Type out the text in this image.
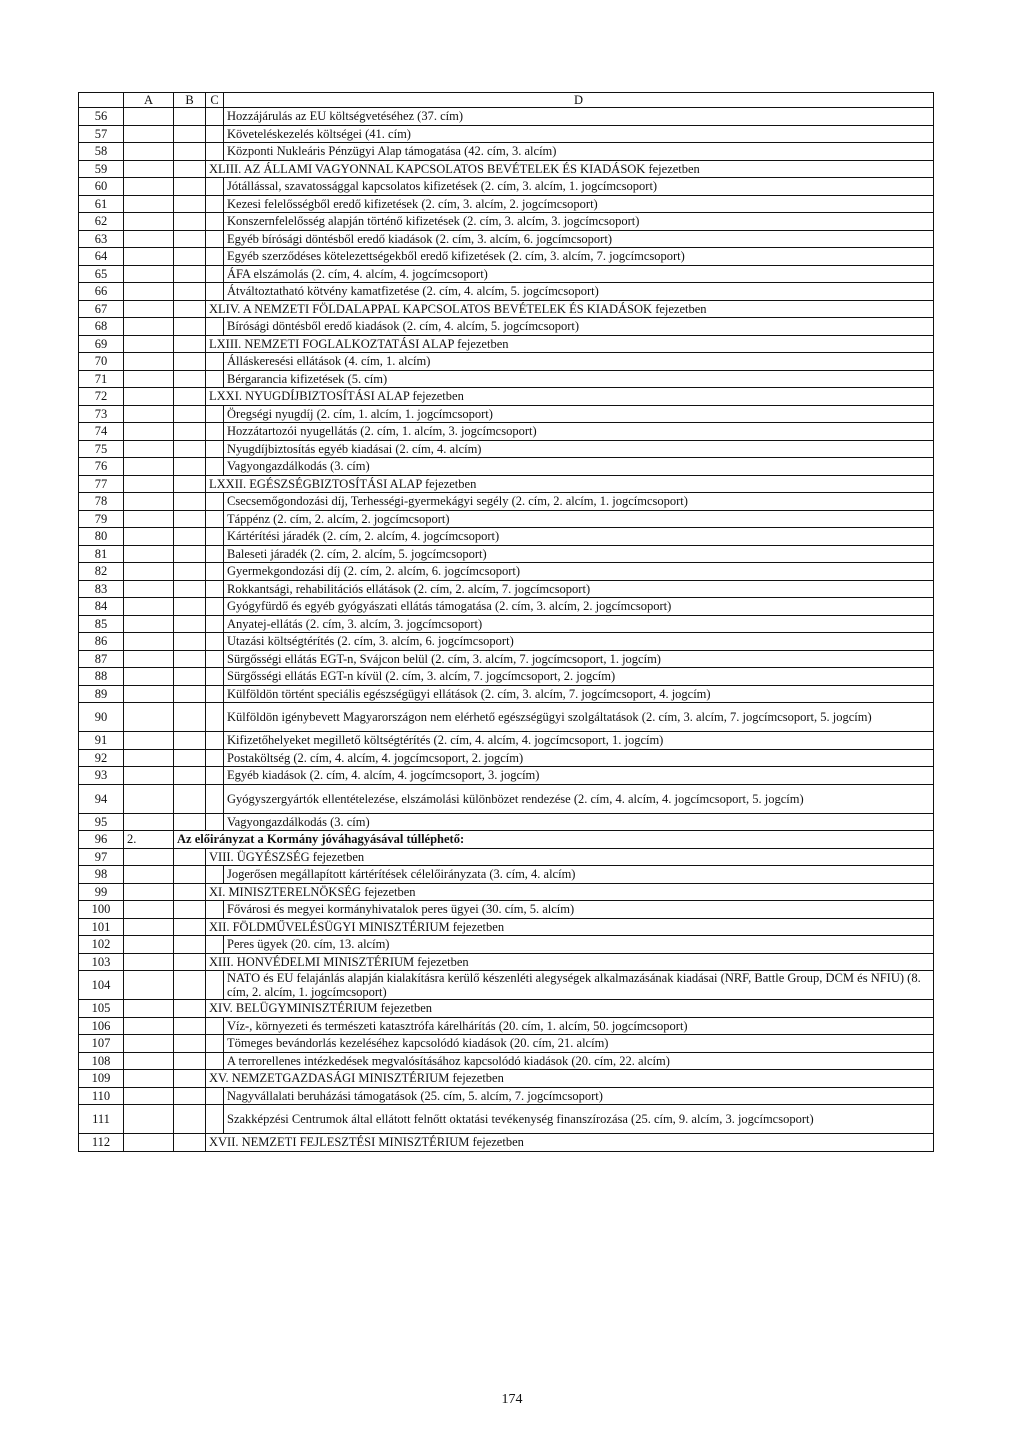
	A	B	C	D
56				Hozzájárulás az EU költségvetéséhez (37. cím)
57				Követeléskezelés költségei (41. cím)
58				Központi Nukleáris Pénzügyi Alap támogatása (42. cím, 3. alcím)
59			XLIII. AZ ÁLLAMI VAGYONNAL KAPCSOLATOS BEVÉTELEK ÉS KIADÁSOK fejezetben	
60				Jótállással, szavatossággal kapcsolatos kifizetések (2. cím, 3. alcím, 1. jogcímcsoport)
61				Kezesi felelősségből eredő kifizetések (2. cím, 3. alcím, 2. jogcímcsoport)
62				Konszernfelelősség alapján történő kifizetések (2. cím, 3. alcím, 3. jogcímcsoport)
63				Egyéb bírósági döntésből eredő kiadások (2. cím, 3. alcím, 6. jogcímcsoport)
64				Egyéb szerződéses kötelezettségekből eredő kifizetések (2. cím, 3. alcím, 7. jogcímcsoport)
65				ÁFA elszámolás (2. cím, 4. alcím, 4. jogcímcsoport)
66				Átváltoztatható kötvény kamatfizetése (2. cím, 4. alcím, 5. jogcímcsoport)
67			XLIV. A NEMZETI FÖLDALAPPAL KAPCSOLATOS BEVÉTELEK ÉS KIADÁSOK fejezetben	
68				Bírósági döntésből eredő kiadások (2. cím, 4. alcím, 5. jogcímcsoport)
69			LXIII. NEMZETI FOGLALKOZTATÁSI ALAP fejezetben	
70				Álláskeresési ellátások (4. cím, 1. alcím)
71				Bérgarancia kifizetések (5. cím)
72			LXXI. NYUGDÍJBIZTOSÍTÁSI ALAP fejezetben	
73				Öregségi nyugdíj (2. cím, 1. alcím, 1. jogcímcsoport)
74				Hozzátartozói nyugellátás (2. cím, 1. alcím, 3. jogcímcsoport)
75				Nyugdíjbiztosítás egyéb kiadásai (2. cím, 4. alcím)
76				Vagyongazdálkodás (3. cím)
77			LXXII. EGÉSZSÉGBIZTOSÍTÁSI ALAP fejezetben	
78				Csecsemőgondozási díj, Terhességi-gyermekágyi segély (2. cím, 2. alcím, 1. jogcímcsoport)
79				Táppénz (2. cím, 2. alcím, 2. jogcímcsoport)
80				Kártérítési járadék (2. cím, 2. alcím, 4. jogcímcsoport)
81				Baleseti járadék (2. cím, 2. alcím, 5. jogcímcsoport)
82				Gyermekgondozási díj (2. cím, 2. alcím, 6. jogcímcsoport)
83				Rokkantsági, rehabilitációs ellátások (2. cím, 2. alcím, 7. jogcímcsoport)
84				Gyógyfürdő és egyéb gyógyászati ellátás támogatása (2. cím, 3. alcím, 2. jogcímcsoport)
85				Anyatej-ellátás (2. cím, 3. alcím, 3. jogcímcsoport)
86				Utazási költségtérítés (2. cím, 3. alcím, 6. jogcímcsoport)
87				Sürgősségi ellátás EGT-n, Svájcon belül (2. cím, 3. alcím, 7. jogcímcsoport, 1. jogcím)
88				Sürgősségi ellátás EGT-n kívül (2. cím, 3. alcím, 7. jogcímcsoport, 2. jogcím)
89				Külföldön történt speciális egészségügyi ellátások (2. cím, 3. alcím, 7. jogcímcsoport, 4. jogcím)
90				Külföldön igénybevett Magyarországon nem elérhető egészségügyi szolgáltatások (2. cím, 3. alcím, 7. jogcímcsoport, 5. jogcím)
91				Kifizetőhelyeket megillető költségtérítés (2. cím, 4. alcím, 4. jogcímcsoport, 1. jogcím)
92				Postaköltség (2. cím, 4. alcím, 4. jogcímcsoport, 2. jogcím)
93				Egyéb kiadások (2. cím, 4. alcím, 4. jogcímcsoport, 3. jogcím)
94				Gyógyszergyártók ellentételezése, elszámolási különbözet rendezése (2. cím, 4. alcím, 4. jogcímcsoport, 5. jogcím)
95				Vagyongazdálkodás (3. cím)
96	2.	Az előirányzat a Kormány jóváhagyásával túlléphető:		
97			VIII. ÜGYÉSZSÉG fejezetben	
98				Jogerősen megállapított kártérítések célelőirányzata (3. cím, 4. alcím)
99			XI. MINISZTERELNÖKSÉG fejezetben	
100				Fővárosi és megyei kormányhivatalok peres ügyei (30. cím, 5. alcím)
101			XII. FÖLDMŰVELÉSÜGYI MINISZTÉRIUM fejezetben	
102				Peres ügyek (20. cím, 13. alcím)
103			XIII. HONVÉDELMI MINISZTÉRIUM fejezetben	
104				NATO és EU felajánlás alapján kialakításra kerülő készenléti alegységek alkalmazásának kiadásai (NRF, Battle Group, DCM és NFIU) (8. cím, 2. alcím, 1. jogcímcsoport)
105			XIV. BELÜGYMINISZTÉRIUM fejezetben	
106				Víz-, környezeti és természeti katasztrófa kárelhárítás (20. cím, 1. alcím, 50. jogcímcsoport)
107				Tömeges bevándorlás kezeléséhez kapcsolódó kiadások (20. cím, 21. alcím)
108				A terrorellenes intézkedések megvalósításához kapcsolódó kiadások (20. cím, 22. alcím)
109			XV. NEMZETGAZDASÁGI MINISZTÉRIUM fejezetben	
110				Nagyvállalati beruházási támogatások (25. cím, 5. alcím, 7. jogcímcsoport)
111				Szakképzési Centrumok által ellátott felnőtt oktatási tevékenység finanszírozása (25. cím, 9. alcím, 3. jogcímcsoport)
112			XVII. NEMZETI FEJLESZTÉSI MINISZTÉRIUM fejezetben	
174
